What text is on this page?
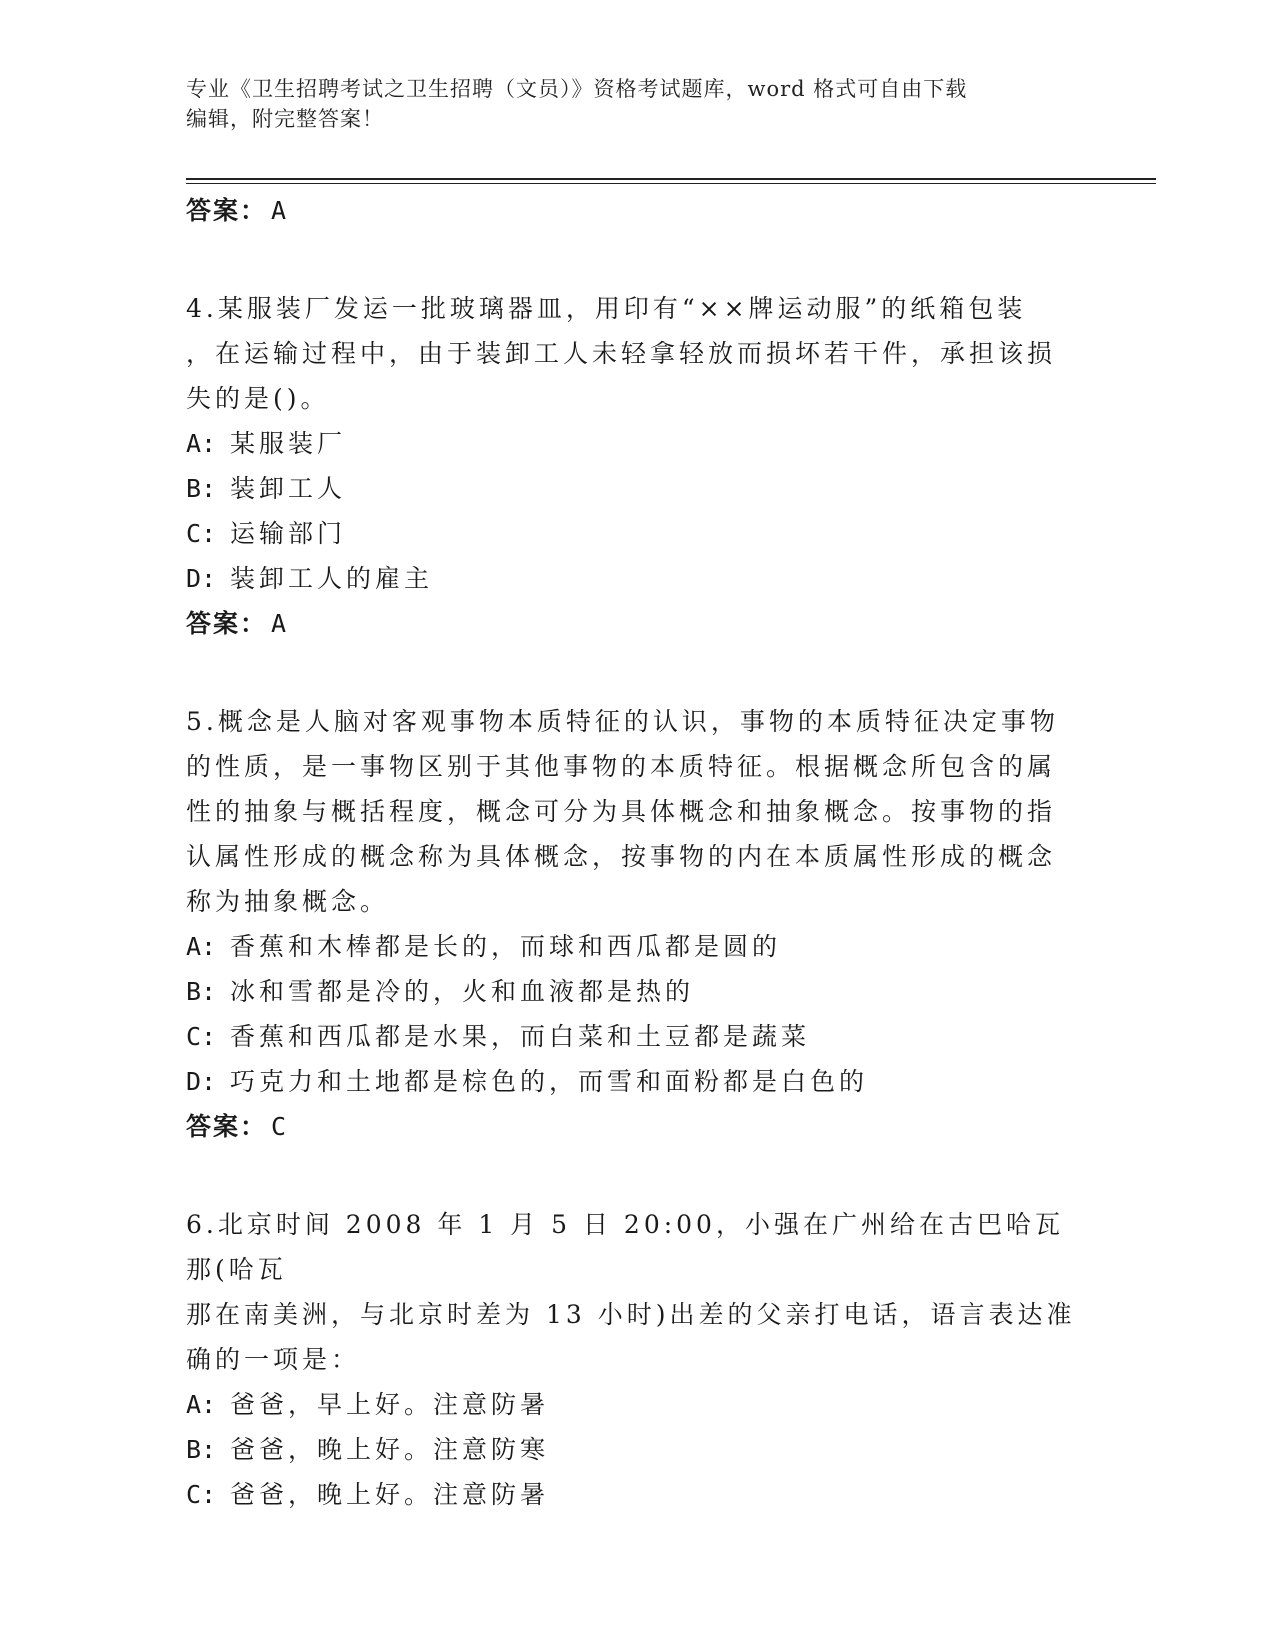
专业《卫生招聘考试之卫生招聘（文员）》资格考试题库，word 格式可自由下载
编辑，附完整答案！

答案： A

4.某服装厂发运一批玻璃器皿，用印有“××牌运动服”的纸箱包装

，在运输过程中，由于装卸工人未轻拿轻放而损坏若干件，承担该损

失的是()。

A: 某服装厂

B: 装卸工人

C: 运输部门

D: 装卸工人的雇主

答案： A

5.概念是人脑对客观事物本质特征的认识，事物的本质特征决定事物

的性质，是一事物区别于其他事物的本质特征。根据概念所包含的属

性的抽象与概括程度，概念可分为具体概念和抽象概念。按事物的指

认属性形成的概念称为具体概念，按事物的内在本质属性形成的概念

称为抽象概念。

A: 香蕉和木棒都是长的，而球和西瓜都是圆的

B: 冰和雪都是冷的，火和血液都是热的

C: 香蕉和西瓜都是水果，而白菜和土豆都是蔬菜

D: 巧克力和土地都是棕色的，而雪和面粉都是白色的

答案： C

6.北京时间 2008 年 1 月 5 日 20:00，小强在广州给在古巴哈瓦那(哈瓦

那在南美洲，与北京时差为 13 小时)出差的父亲打电话，语言表达准

确的一项是：

A: 爸爸，早上好。注意防暑

B: 爸爸，晚上好。注意防寒

C: 爸爸，晚上好。注意防暑
